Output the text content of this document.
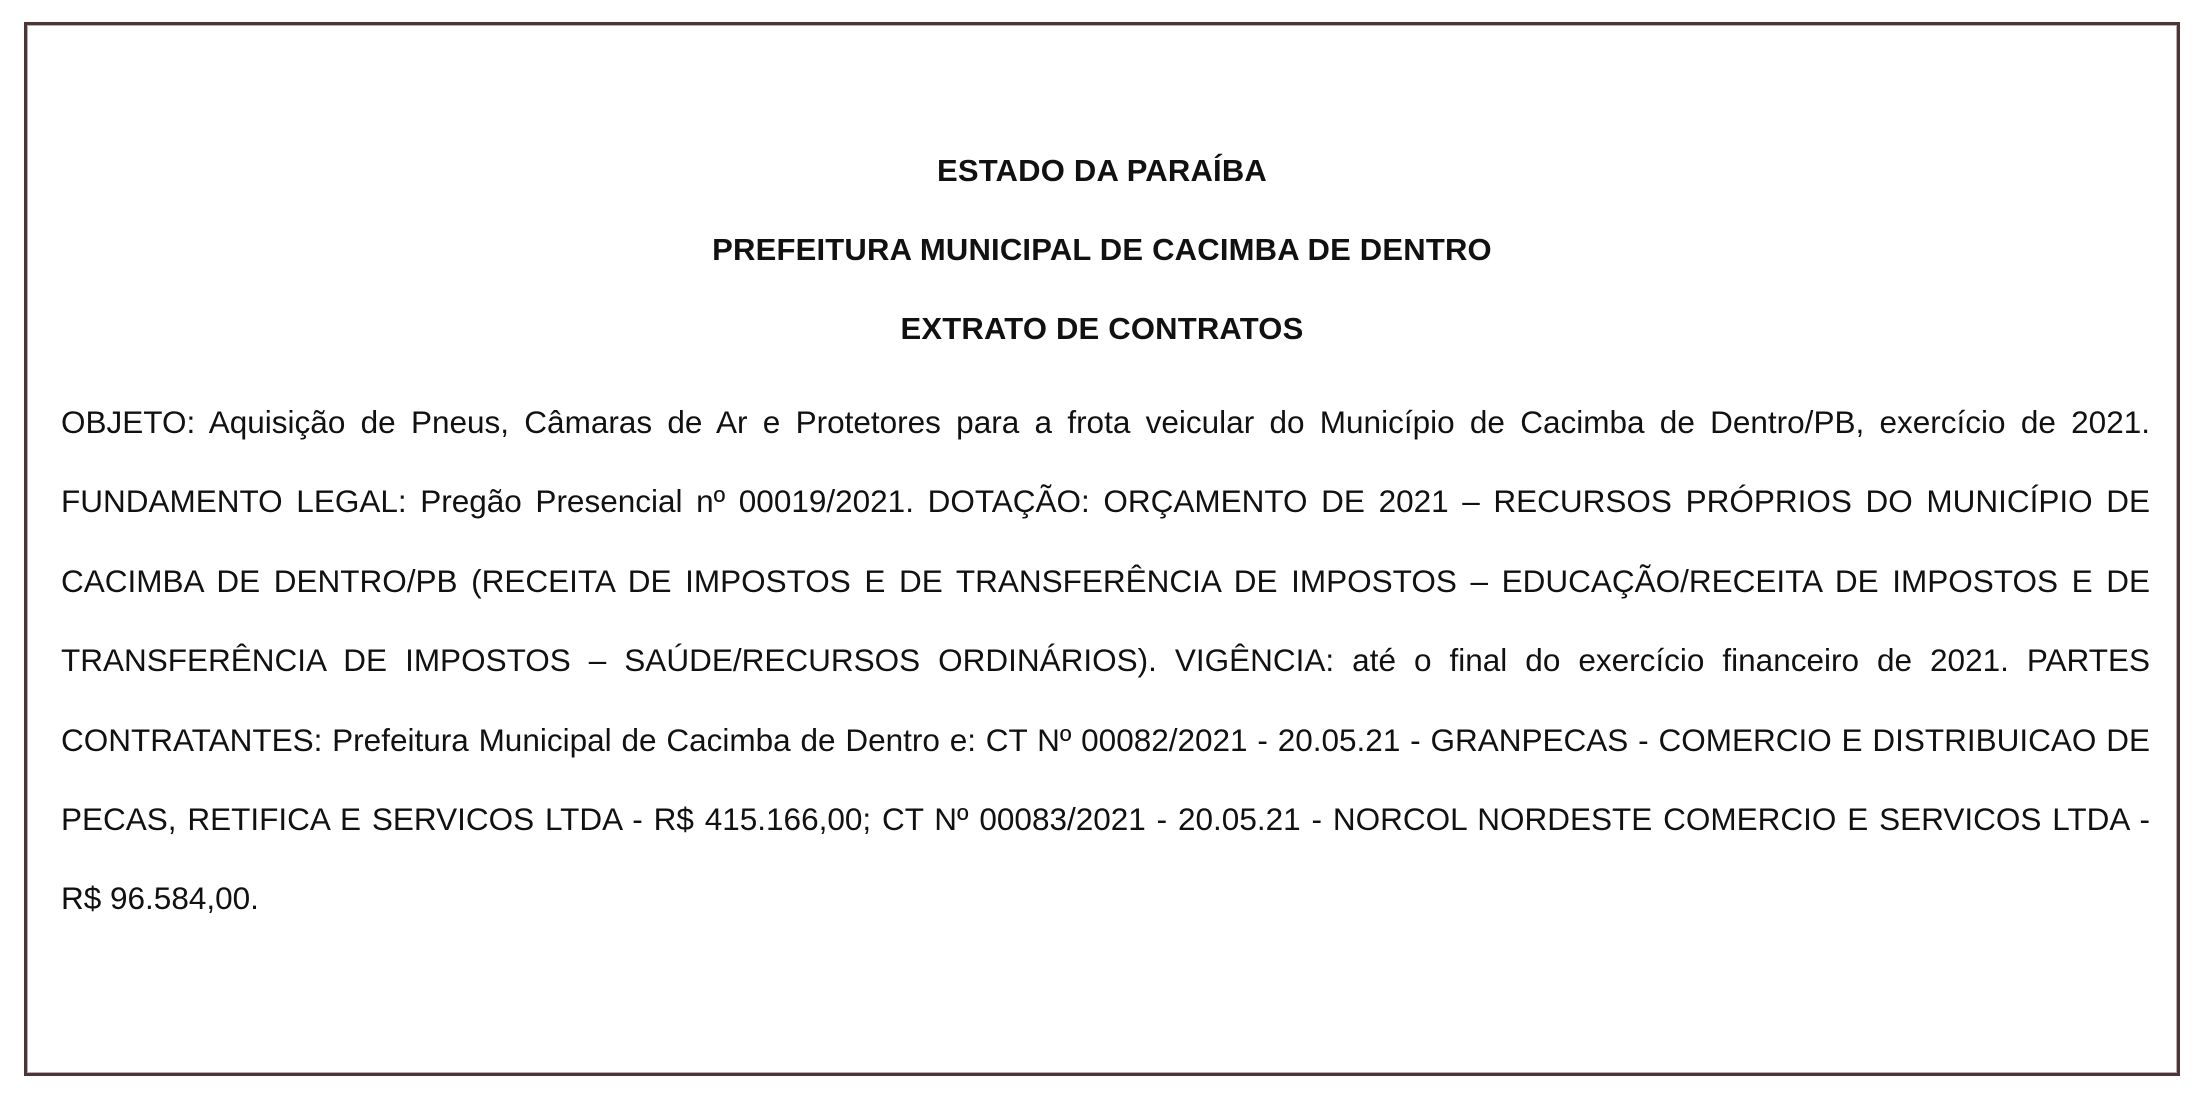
ESTADO DA PARAÍBA
PREFEITURA MUNICIPAL DE CACIMBA DE DENTRO
EXTRATO DE CONTRATOS

OBJETO: Aquisição de Pneus, Câmaras de Ar e Protetores para a frota veicular do Município de Cacimba de Dentro/PB, exercício de 2021. FUNDAMENTO LEGAL: Pregão Presencial nº 00019/2021. DOTAÇÃO: ORÇAMENTO DE 2021 – RECURSOS PRÓPRIOS DO MUNICÍPIO DE CACIMBA DE DENTRO/PB (RECEITA DE IMPOSTOS E DE TRANSFERÊNCIA DE IMPOSTOS – EDUCAÇÃO/RECEITA DE IMPOSTOS E DE TRANSFERÊNCIA DE IMPOSTOS – SAÚDE/RECURSOS ORDINÁRIOS). VIGÊNCIA: até o final do exercício financeiro de 2021. PARTES CONTRATANTES: Prefeitura Municipal de Cacimba de Dentro e: CT Nº 00082/2021 - 20.05.21 - GRANPECAS - COMERCIO E DISTRIBUICAO DE PECAS, RETIFICA E SERVICOS LTDA - R$ 415.166,00; CT Nº 00083/2021 - 20.05.21 - NORCOL NORDESTE COMERCIO E SERVICOS LTDA - R$ 96.584,00.
